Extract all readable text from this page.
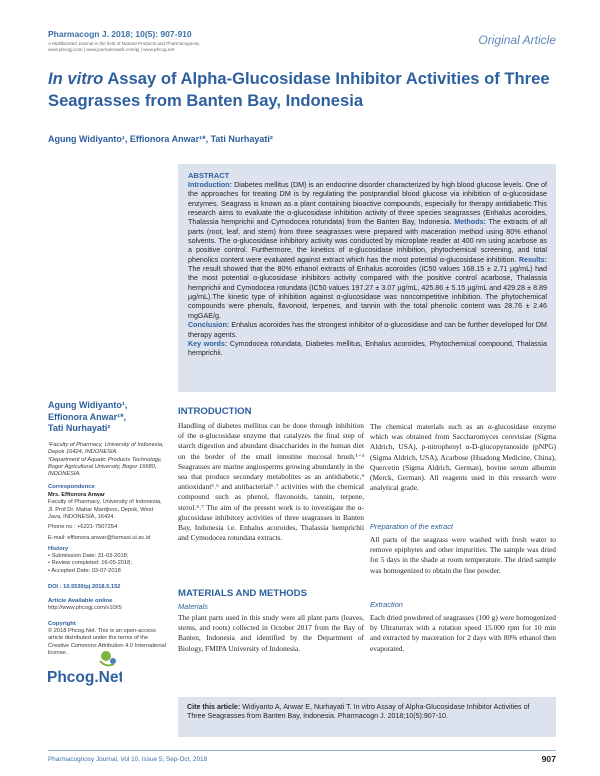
Pharmacogn J. 2018; 10(5): 907-910
A Multifaceted Journal in the field of Natural Products and Pharmacognosy
www.phcogj.com | www.journalonweb.com/pj | www.phcog.net
Original Article
In vitro Assay of Alpha-Glucosidase Inhibitor Activities of Three
Seagrasses from Banten Bay, Indonesia
Agung Widiyanto¹, Effionora Anwar¹*, Tati Nurhayati²
ABSTRACT

Introduction: Diabetes mellitus (DM) is an endocrine disorder characterized by high blood glucose levels. One of the approaches for treating DM is by regulating the postprandial blood glucose via inhibition of α-glucosidase enzymes. Seagrass is known as a plant containing bioactive compounds, especially for therapy antidiabetic.This research aims to evaluate the α-glucosidase inhibition activity of three species seagrasses (Enhalus acoroides, Thalassia hemprichii and Cymodocea rotundata) from the Banten Bay, Indonesia. Methods: The extracts of all parts (root, leaf, and stem) from three seagrasses were prepared with maceration method using 80% ethanol solvents. The α-glucosidase inhibitory activity was conducted by microplate reader at 400 nm using acarbose as a positive control. Furthermore, the kinetics of α-glucosidase inhibition, phytochemical screening, and total phenolics content were evaluated against extract which has the most potential α-glucosidase inhibition. Results: The result showed that the 80% ethanol extracts of Enhalus acoroides (IC50 values 168.15 ± 2.71 µg/mL) had the most potential α-glucosidase inhibitors activity compared with the positive control acarbose, Thalassia hemprichii and Cymodocea rotundata (IC50 values 197.27 ± 3.07 µg/mL, 425.86 ± 5.15 µg/mL and 429.28 ± 8.89 µg/mL).The kinetic type of inhibition against α-glucosidase was noncompetitive inhibition. The phytochemical compounds were phenols, flavonoid, terpenes, and tannin with the total phenolic content was 28.76 ± 2.46 mgGAE/g.

Conclusion: Enhalus acoroides has the strongest inhibitor of α-glucosidase and can be further developed for DM therapy agents.

Key words: Cymodocea rotundata, Diabetes mellitus, Enhalus acoroides, Phytochemical compound, Thalassia hemprichii.

Agung Widiyanto¹,
Effionora Anwar¹*,
Tati Nurhayati²
¹Faculty of Pharmacy, University of Indonesia, Depok 16424, INDONESIA.
²Department of Aquatic Products Technology, Bogor Agricultural University, Bogor 16680, INDONESIA.
Correspondence
Mrs. Effionora Anwar
Faculty of Pharmacy, University of Indonesia, Jl. Prof.Dr. Mahar Mardjono, Depok, West Java, INDONESIA, 16424.
Phone no : +6221-7507254
E-mail: effionora.anwar@farmasi.ui.ac.id
History
• Submission Date: 31-03-2018;
• Review completed: 16-05-2018;
• Accepted Date: 03-07-2018
DOI : 10.5530/pj.2018.5.152
Article Available online
http://www.phcogj.com/v10/i5
Copyright
© 2018 Phcog.Net. This is an open-access article distributed under the terms of the Creative Commons Attribution 4.0 International license.
Phcog.Net
INTRODUCTION
Handling of diabetes mellitus can be done through inhibition of the α-glucosidase enzyme that catalyzes the final step of starch digestion and abundant disaccharides in the human diet on the border of the small intestine mucosal brush.¹⁻³ Seagrasses are marine angiosperms growing abundantly in the sea that produce secondary metabolites as an antidiabetic,⁴ antioxidant⁵˒⁶ and antibacterial⁶˒⁷ activities with the chemical compound such as phenol, flavonoids, tannin, terpene, sterol.⁴˒⁷ The aim of the present work is to investigate the α-glucosidase inhibitory activities of three seagrasses in Banten Bay, Indonesia i.e. Enhalus acoroides, Thalassia hemprichii and Cymodocea rotundata extracts.
MATERIALS AND METHODS
Materials
The plant parts used in this study were all plant parts (leaves, stems, and roots) collected in October 2017 from the Bay of Banten, Indonesia and identified by the Department of Biology, FMIPA University of Indonesia.
The chemical materials such as an α-glucosidase enzyme which was obtained from Saccharomyces cerevisiae (Sigma Aldrich, USA), p-nitrophenyl α-D-glucopyranoside (pNPG) (Sigma Aldrich, USA), Acarbose (Huadong Medicine, China), Quercetin (Sigma Aldrich, German), bovine serum albumin (Merck, German). All reagents used in this research were analytical grade.
Preparation of the extract
All parts of the seagrass were washed with fresh water to remove epiphytes and other impurities. The sample was dried for 5 days in the shade at room temperature. The dried sample was homogenized to obtain the fine powder.
Extraction
Each dried powdered of seagrasses (100 g) were homogenized by Ultraturrax with a rotation speed 15.000 rpm for 10 min and extracted by maceration for 2 days with 80% ethanol then evaporated.
Cite this article: Widiyanto A, Anwar E, Nurhayati T. In vitro Assay of Alpha-Glucosidase Inhibitor Activities of Three Seagrasses from Banten Bay, Indonesia. Pharmacogn J. 2018;10(5):907-10.
Pharmacognosy Journal, Vol 10, Issue 5, Sep-Oct, 2018	907
